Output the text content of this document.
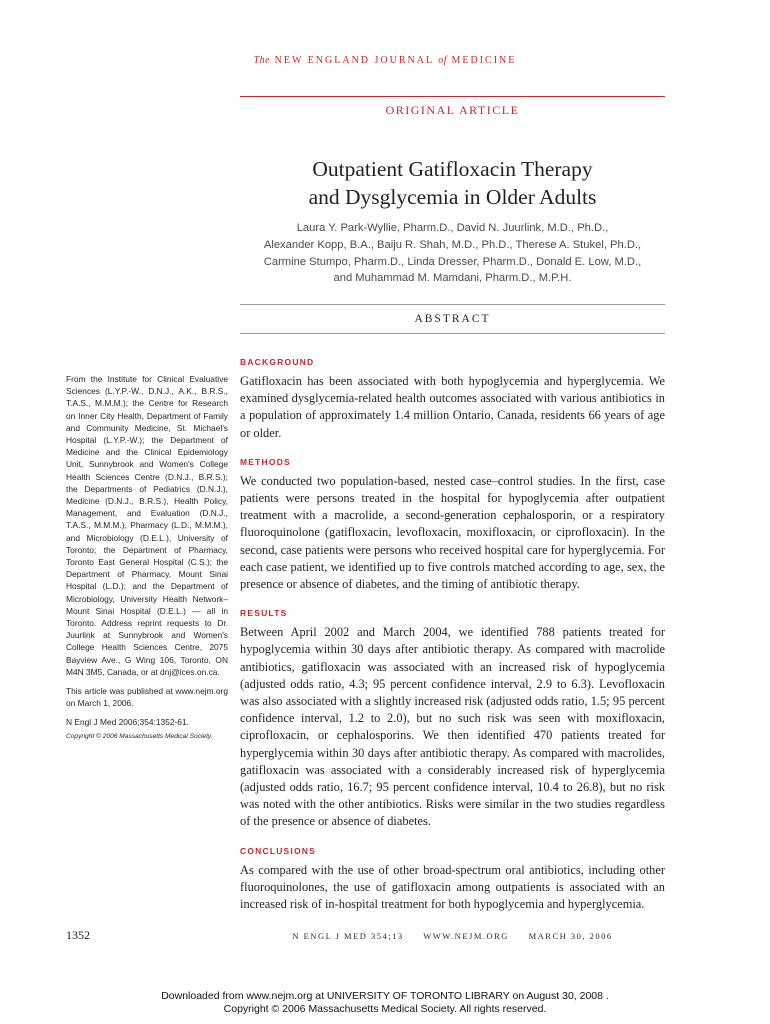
The NEW ENGLAND JOURNAL of MEDICINE
ORIGINAL ARTICLE
Outpatient Gatifloxacin Therapy
and Dysglycemia in Older Adults
Laura Y. Park-Wyllie, Pharm.D., David N. Juurlink, M.D., Ph.D.,
Alexander Kopp, B.A., Baiju R. Shah, M.D., Ph.D., Therese A. Stukel, Ph.D.,
Carmine Stumpo, Pharm.D., Linda Dresser, Pharm.D., Donald E. Low, M.D.,
and Muhammad M. Mamdani, Pharm.D., M.P.H.
ABSTRACT

From the Institute for Clinical Evaluative Sciences (L.Y.P.-W., D.N.J., A.K., B.R.S., T.A.S., M.M.M.); the Centre for Research on Inner City Health, Department of Family and Community Medicine, St. Michael's Hospital (L.Y.P.-W.); the Department of Medicine and the Clinical Epidemiology Unit, Sunnybrook and Women's College Health Sciences Centre (D.N.J., B.R.S.); the Departments of Pediatrics (D.N.J.), Medicine (D.N.J., B.R.S.), Health Policy, Management, and Evaluation (D.N.J., T.A.S., M.M.M.), Pharmacy (L.D., M.M.M.), and Microbiology (D.E.L.), University of Toronto; the Department of Pharmacy, Toronto East General Hospital (C.S.); the Department of Pharmacy, Mount Sinai Hospital (L.D.); and the Department of Microbiology, University Health Network–Mount Sinai Hospital (D.E.L.) — all in Toronto. Address reprint requests to Dr. Juurlink at Sunnybrook and Women's College Health Sciences Centre, 2075 Bayview Ave., G Wing 106, Toronto, ON M4N 3M5, Canada, or at dnj@ices.on.ca.

This article was published at www.nejm.org on March 1, 2006.

N Engl J Med 2006;354:1352-61.

Copyright © 2006 Massachusetts Medical Society.

BACKGROUND

Gatifloxacin has been associated with both hypoglycemia and hyperglycemia. We examined dysglycemia-related health outcomes associated with various antibiotics in a population of approximately 1.4 million Ontario, Canada, residents 66 years of age or older.

METHODS

We conducted two population-based, nested case–control studies. In the first, case patients were persons treated in the hospital for hypoglycemia after outpatient treatment with a macrolide, a second-generation cephalosporin, or a respiratory fluoroquinolone (gatifloxacin, levofloxacin, moxifloxacin, or ciprofloxacin). In the second, case patients were persons who received hospital care for hyperglycemia. For each case patient, we identified up to five controls matched according to age, sex, the presence or absence of diabetes, and the timing of antibiotic therapy.

RESULTS

Between April 2002 and March 2004, we identified 788 patients treated for hypoglycemia within 30 days after antibiotic therapy. As compared with macrolide antibiotics, gatifloxacin was associated with an increased risk of hypoglycemia (adjusted odds ratio, 4.3; 95 percent confidence interval, 2.9 to 6.3). Levofloxacin was also associated with a slightly increased risk (adjusted odds ratio, 1.5; 95 percent confidence interval, 1.2 to 2.0), but no such risk was seen with moxifloxacin, ciprofloxacin, or cephalosporins. We then identified 470 patients treated for hyperglycemia within 30 days after antibiotic therapy. As compared with macrolides, gatifloxacin was associated with a considerably increased risk of hyperglycemia (adjusted odds ratio, 16.7; 95 percent confidence interval, 10.4 to 26.8), but no risk was noted with the other antibiotics. Risks were similar in the two studies regardless of the presence or absence of diabetes.

CONCLUSIONS

As compared with the use of other broad-spectrum oral antibiotics, including other fluoroquinolones, the use of gatifloxacin among outpatients is associated with an increased risk of in-hospital treatment for both hypoglycemia and hyperglycemia.

1352	N ENGL J MED 354;13 WWW.NEJM.ORG MARCH 30, 2006
Downloaded from www.nejm.org at UNIVERSITY OF TORONTO LIBRARY on August 30, 2008 .
Copyright © 2006 Massachusetts Medical Society. All rights reserved.
